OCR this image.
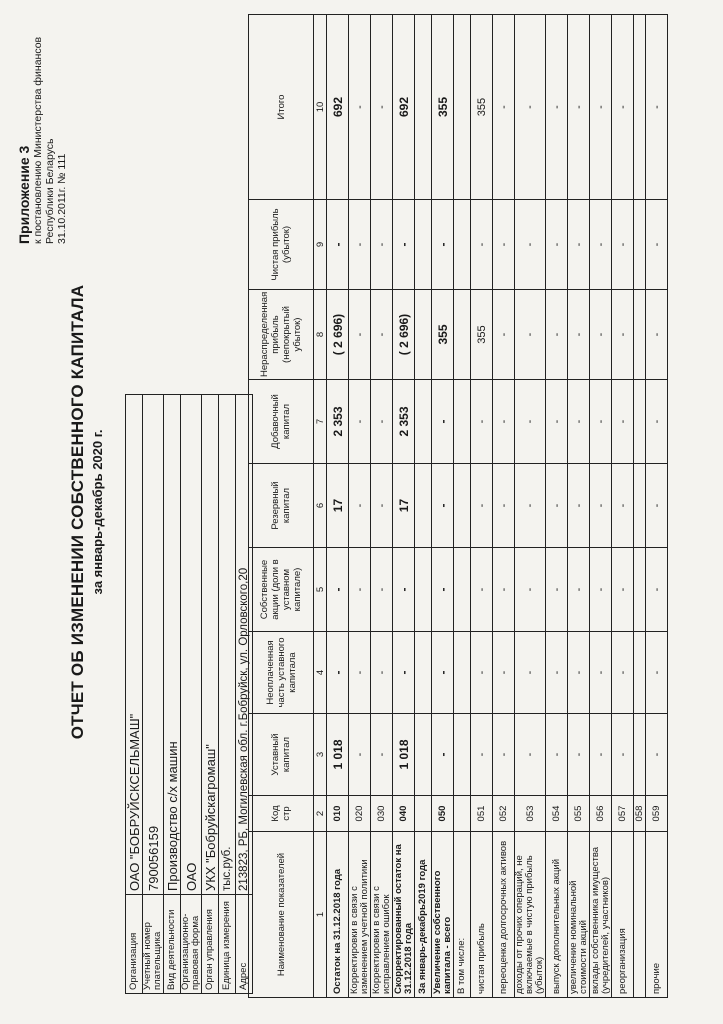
Приложение 3 к постановлению Министерства финансов Республики Беларусь 31.10.2011г. № 111
ОТЧЕТ ОБ ИЗМЕНЕНИИ СОБСТВЕННОГО КАПИТАЛА за январь-декабрь 2020 г.
Организация	ОАО "БОБРУЙСКСЕЛЬМАШ"
Учетный номер плательщика	790056159
Вид деятельности	Производство с/х машин
Организационно-правовая форма	ОАО
Орган управления	УКХ "Бобруйскагромаш"
Единица измерения	тыс.руб.
Адрес	213823, РБ, Могилевская обл. г.Бобруйск, ул. Орловского,20
Наименование показателей	Код стр	Уставный капитал	Неоплаченная часть уставного капитала	Собственные акции (доли в уставном капитале)	Резервный капитал	Добавочный капитал	Нераспределенная прибыль (непокрытый убыток)	Чистая прибыль (убыток)	Итого
1	2	3	4	5	6	7	8	9	10
Остаток на 31.12.2018 года	010	1 018	-	-	17	2 353	( 2 696)	-	692
Корректировки в связи с изменением учетной политики	020	-	-	-	-	-	-	-	-
Корректировки в связи с исправлением ошибок	030	-	-	-	-	-	-	-	-
Скорректированный остаток на 31.12.2018 года	040	1 018	-	-	17	2 353	( 2 696)	-	692
За январь-декабрь2019 года									
Увеличение собственного капитала - всего	050	-	-	-	-	-	355	-	355
В том числе:									
чистая прибыль	051	-	-	-	-	-	355	-	355
переоценка долгосрочных активов	052	-	-	-	-	-	-	-	-
доходы от прочих операций, не включаемые в чистую прибыль (убыток)	053	-	-	-	-	-	-	-	-
выпуск дополнительных акций	054	-	-	-	-	-	-	-	-
увеличение номинальной стоимости акций	055	-	-	-	-	-	-	-	-
вклады собственника имущества (учредителей, участников)	056	-	-	-	-	-	-	-	-
реорганизация	057	-	-	-	-	-	-	-	-
	058								
прочие	059	-	-	-	-	-	-	-	-
